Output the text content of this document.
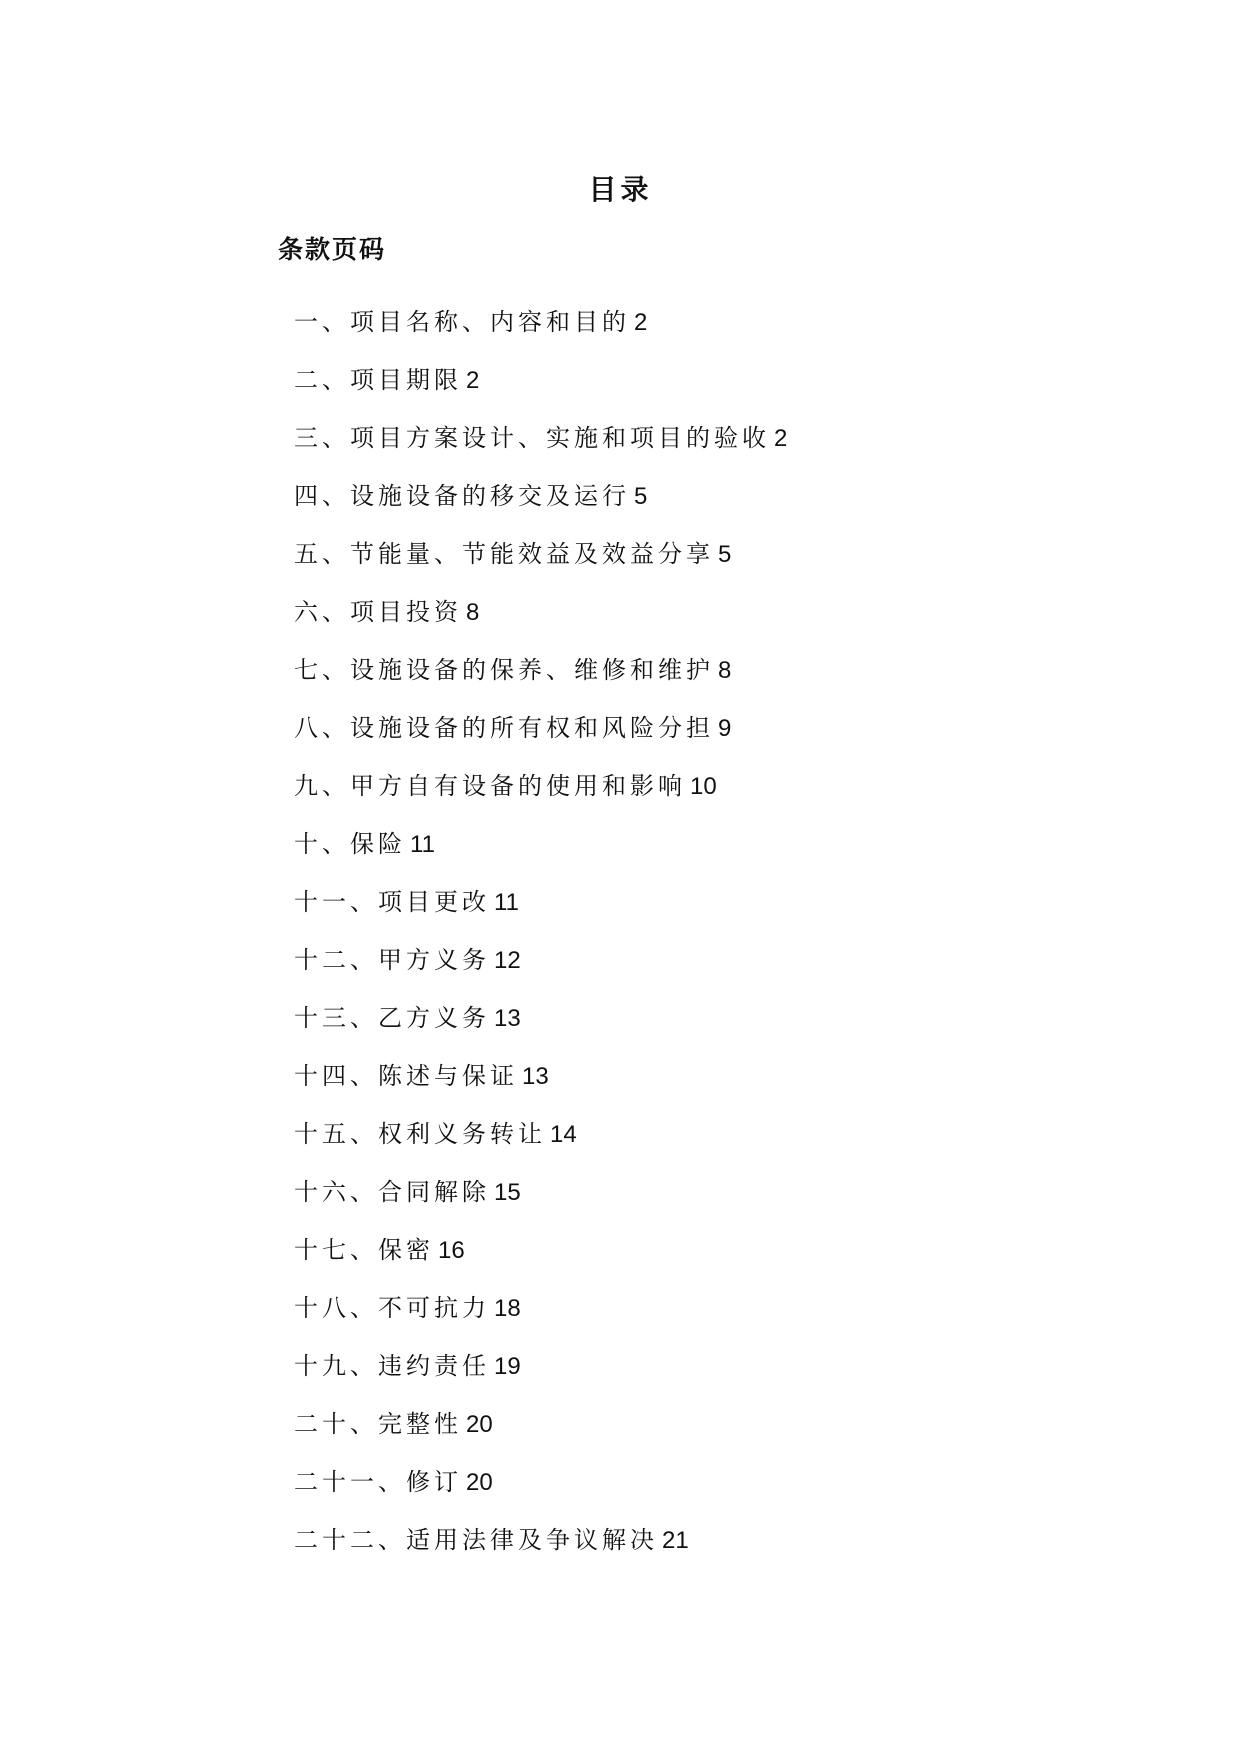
目录
条款页码
一、项目名称、内容和目的 2
二、项目期限 2
三、项目方案设计、实施和项目的验收 2
四、设施设备的移交及运行 5
五、节能量、节能效益及效益分享 5
六、项目投资 8
七、设施设备的保养、维修和维护 8
八、设施设备的所有权和风险分担 9
九、甲方自有设备的使用和影响 10
十、保险 11
十一、项目更改 11
十二、甲方义务 12
十三、乙方义务 13
十四、陈述与保证 13
十五、权利义务转让 14
十六、合同解除 15
十七、保密 16
十八、不可抗力 18
十九、违约责任 19
二十、完整性 20
二十一、修订 20
二十二、适用法律及争议解决 21
